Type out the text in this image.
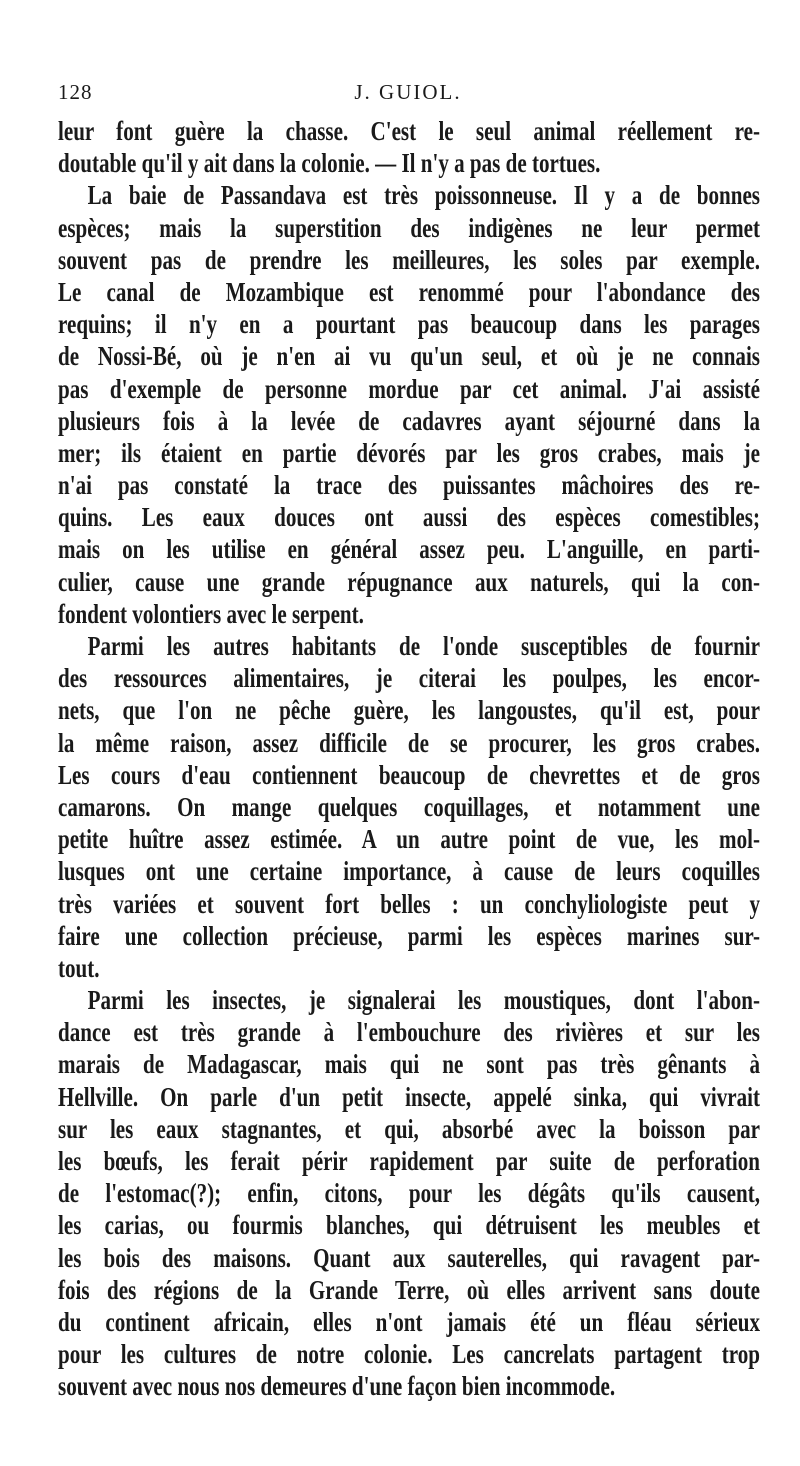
128	J. GUIOL.
leur font guère la chasse. C'est le seul animal réellement re-
doutable qu'il y ait dans la colonie. — Il n'y a pas de tortues.
La baie de Passandava est très poissonneuse. Il y a de bonnes
espèces; mais la superstition des indigènes ne leur permet
souvent pas de prendre les meilleures, les soles par exemple.
Le canal de Mozambique est renommé pour l'abondance des
requins; il n'y en a pourtant pas beaucoup dans les parages
de Nossi-Bé, où je n'en ai vu qu'un seul, et où je ne connais
pas d'exemple de personne mordue par cet animal. J'ai assisté
plusieurs fois à la levée de cadavres ayant séjourné dans la
mer; ils étaient en partie dévorés par les gros crabes, mais je
n'ai pas constaté la trace des puissantes mâchoires des re-
quins. Les eaux douces ont aussi des espèces comestibles;
mais on les utilise en général assez peu. L'anguille, en parti-
culier, cause une grande répugnance aux naturels, qui la con-
fondent volontiers avec le serpent.
Parmi les autres habitants de l'onde susceptibles de fournir
des ressources alimentaires, je citerai les poulpes, les encor-
nets, que l'on ne pêche guère, les langoustes, qu'il est, pour
la même raison, assez difficile de se procurer, les gros crabes.
Les cours d'eau contiennent beaucoup de chevrettes et de gros
camarons. On mange quelques coquillages, et notamment une
petite huître assez estimée. A un autre point de vue, les mol-
lusques ont une certaine importance, à cause de leurs coquilles
très variées et souvent fort belles : un conchyliologiste peut y
faire une collection précieuse, parmi les espèces marines sur-
tout.
Parmi les insectes, je signalerai les moustiques, dont l'abon-
dance est très grande à l'embouchure des rivières et sur les
marais de Madagascar, mais qui ne sont pas très gênants à
Hellville. On parle d'un petit insecte, appelé sinka, qui vivrait
sur les eaux stagnantes, et qui, absorbé avec la boisson par
les bœufs, les ferait périr rapidement par suite de perforation
de l'estomac(?); enfin, citons, pour les dégâts qu'ils causent,
les carias, ou fourmis blanches, qui détruisent les meubles et
les bois des maisons. Quant aux sauterelles, qui ravagent par-
fois des régions de la Grande Terre, où elles arrivent sans doute
du continent africain, elles n'ont jamais été un fléau sérieux
pour les cultures de notre colonie. Les cancrelats partagent trop
souvent avec nous nos demeures d'une façon bien incommode.
